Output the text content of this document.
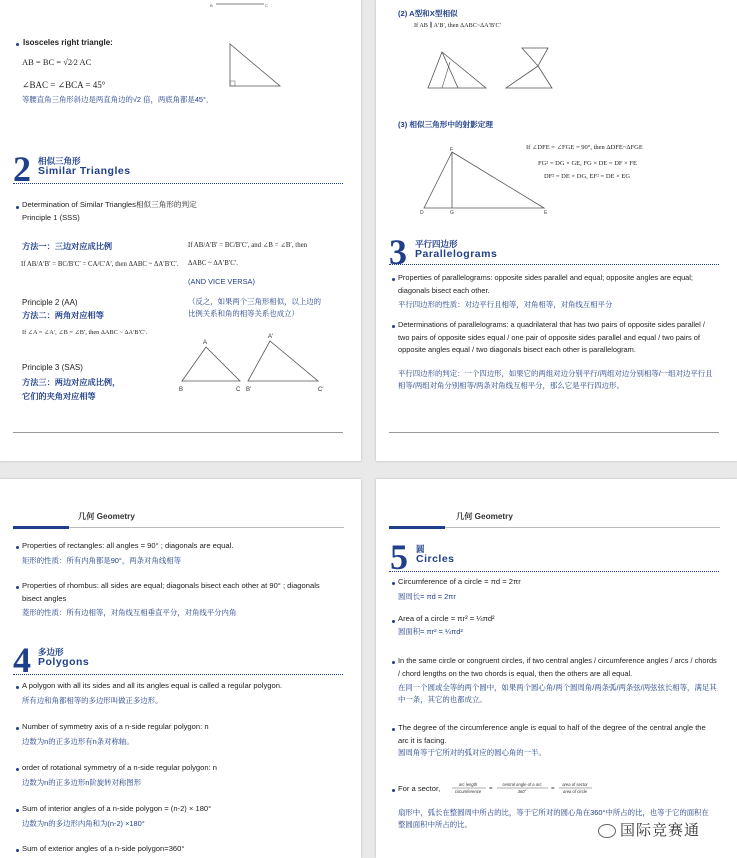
B	C
Isosceles right triangle:
AB = BC = √2⁄2 AC
∠BAC = ∠BCA = 45°
等腰直角三角形斜边是两直角边的√2 倍，两底角都是45°．
2 相似三角形
Similar Triangles
Determination of Similar Triangles相似三角形的判定
Principle 1 (SSS)
方法一：三边对应成比例
If AB/A′B′ = BC/B′C′ = CA/C′A′, then ΔABC ~ ΔA′B′C′.
If AB/A′B′ = BC/B′C′, and ∠B = ∠B′, then
ΔABC ~ ΔA′B′C′.
(AND VICE VERSA)
（反之，如果两个三角形相似，以上边的比例关系和角的相等关系也成立）
Principle 2 (AA)
方法二：两角对应相等
If ∠A = ∠A′, ∠B = ∠B′, then ΔABC ~ ΔA′B′C′.
Principle 3 (SAS)
方法三：两边对应成比例，
它们的夹角对应相等
A
B	C
A′
B′	C′
(2) A型和X型相似
If AB ∥ A′B′, then ΔABC~ΔA′B′C′
(3) 相似三角形中的射影定理
If ∠DFE = ∠FGE = 90°, then ΔDFE~ΔFGE
FG² = DG × GE, FG × DE = DF × FE
DF² = DE × DG, EF² = DE × EG
F
D	G	E
3 平行四边形
Parallelograms
Properties of parallelograms: opposite sides parallel and equal; opposite angles are equal; diagonals bisect each other.
平行四边形的性质：对边平行且相等，对角相等，对角线互相平分
Determinations of parallelograms: a quadrilateral that has two pairs of opposite sides parallel / two pairs of opposite sides equal / one pair of opposite sides parallel and equal / two pairs of opposite angles equal / two diagonals bisect each other is parallelogram.
平行四边形的判定：一个四边形，如果它的两组对边分别平行/两组对边分别相等/一组对边平行且相等/两组对角分别相等/两条对角线互相平分，那么它是平行四边形。
几何 Geometry
Properties of rectangles: all angles = 90° ; diagonals are equal.
矩形的性质：所有内角都是90°，两条对角线相等
Properties of rhombus: all sides are equal; diagonals bisect each other at 90° ; diagonals bisect angles
菱形的性质：所有边相等，对角线互相垂直平分，对角线平分内角
4 多边形
Polygons
A polygon with all its sides and all its angles equal is called a regular polygon.
所有边和角都相等的多边形叫做正多边形。
Number of symmetry axis of a n-side regular polygon: n
边数为n的正多边形有n条对称轴。
order of rotational symmetry of a n-side regular polygon: n
边数为n的正多边形n阶旋转对称图形
Sum of interior angles of a n-side polygon = (n-2) × 180°
边数为n的多边形内角和为(n-2) ×180°
Sum of exterior angles of a n-side polygon=360°
几何 Geometry
5 圆
Circles
Circumference of a circle = πd = 2πr
圆周长= πd = 2πr
Area of a circle = πr² = ¼πd²
圆面积= πr² = ¼πd²
In the same circle or congruent circles, if two central angles / circumference angles / arcs / chords / chord lengths on the two chords is equal, then the others are all equal.
在同一个圆或全等的两个圆中，如果两个圆心角/两个圆周角/两条弧/两条弦/两弦弦长相等，满足其中一条，其它的也都成立。
The degree of the circumference angle is equal to half of the degree of the central angle the arc it is facing.
圆周角等于它所对的弧对应的圆心角的一半。
For a sector,	arc length
circumference =
central angle of a arc
360°	=
area of sector
area of circle
扇形中，弧长在整圆周中所占的比，等于它所对的圆心角在360°中所占的比，也等于它的面积在整圆面积中所占的比。	国际竞赛通
